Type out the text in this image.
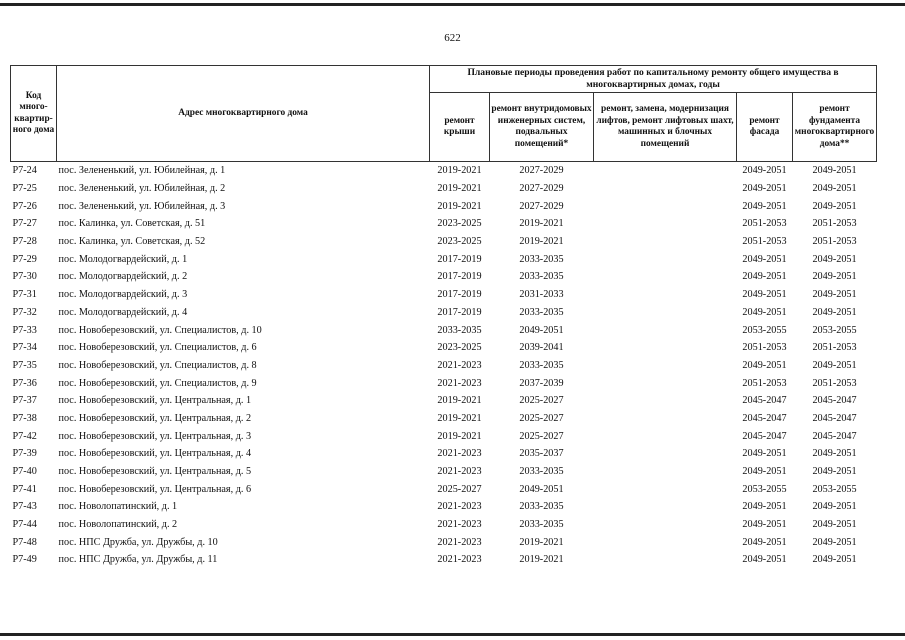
622
Код много-квартир-ного дома	Адрес многоквартирного дома	Плановые периоды проведения работ по капитальному ремонту общего имущества в многоквартирных домах, годы				
		ремонт крыши	ремонт внутридомовых инженерных систем, подвальных помещений*	ремонт, замена, модернизация лифтов, ремонт лифтовых шахт, машинных и блочных помещений	ремонт фасада	ремонт фундамента многоквартирного дома**
Р7-24	пос. Зелененький, ул. Юбилейная, д. 1	2019-2021	2027-2029		2049-2051	2049-2051
Р7-25	пос. Зелененький, ул. Юбилейная, д. 2	2019-2021	2027-2029		2049-2051	2049-2051
Р7-26	пос. Зелененький, ул. Юбилейная, д. 3	2019-2021	2027-2029		2049-2051	2049-2051
Р7-27	пос. Калинка, ул. Советская, д. 51	2023-2025	2019-2021		2051-2053	2051-2053
Р7-28	пос. Калинка, ул. Советская, д. 52	2023-2025	2019-2021		2051-2053	2051-2053
Р7-29	пос. Молодогвардейский, д. 1	2017-2019	2033-2035		2049-2051	2049-2051
Р7-30	пос. Молодогвардейский, д. 2	2017-2019	2033-2035		2049-2051	2049-2051
Р7-31	пос. Молодогвардейский, д. 3	2017-2019	2031-2033		2049-2051	2049-2051
Р7-32	пос. Молодогвардейский, д. 4	2017-2019	2033-2035		2049-2051	2049-2051
Р7-33	пос. Новоберезовский, ул. Специалистов, д. 10	2033-2035	2049-2051		2053-2055	2053-2055
Р7-34	пос. Новоберезовский, ул. Специалистов, д. 6	2023-2025	2039-2041		2051-2053	2051-2053
Р7-35	пос. Новоберезовский, ул. Специалистов, д. 8	2021-2023	2033-2035		2049-2051	2049-2051
Р7-36	пос. Новоберезовский, ул. Специалистов, д. 9	2021-2023	2037-2039		2051-2053	2051-2053
Р7-37	пос. Новоберезовский, ул. Центральная, д. 1	2019-2021	2025-2027		2045-2047	2045-2047
Р7-38	пос. Новоберезовский, ул. Центральная, д. 2	2019-2021	2025-2027		2045-2047	2045-2047
Р7-42	пос. Новоберезовский, ул. Центральная, д. 3	2019-2021	2025-2027		2045-2047	2045-2047
Р7-39	пос. Новоберезовский, ул. Центральная, д. 4	2021-2023	2035-2037		2049-2051	2049-2051
Р7-40	пос. Новоберезовский, ул. Центральная, д. 5	2021-2023	2033-2035		2049-2051	2049-2051
Р7-41	пос. Новоберезовский, ул. Центральная, д. 6	2025-2027	2049-2051		2053-2055	2053-2055
Р7-43	пос. Новолопатинский, д. 1	2021-2023	2033-2035		2049-2051	2049-2051
Р7-44	пос. Новолопатинский, д. 2	2021-2023	2033-2035		2049-2051	2049-2051
Р7-48	пос. НПС Дружба, ул. Дружбы, д. 10	2021-2023	2019-2021		2049-2051	2049-2051
Р7-49	пос. НПС Дружба, ул. Дружбы, д. 11	2021-2023	2019-2021		2049-2051	2049-2051
